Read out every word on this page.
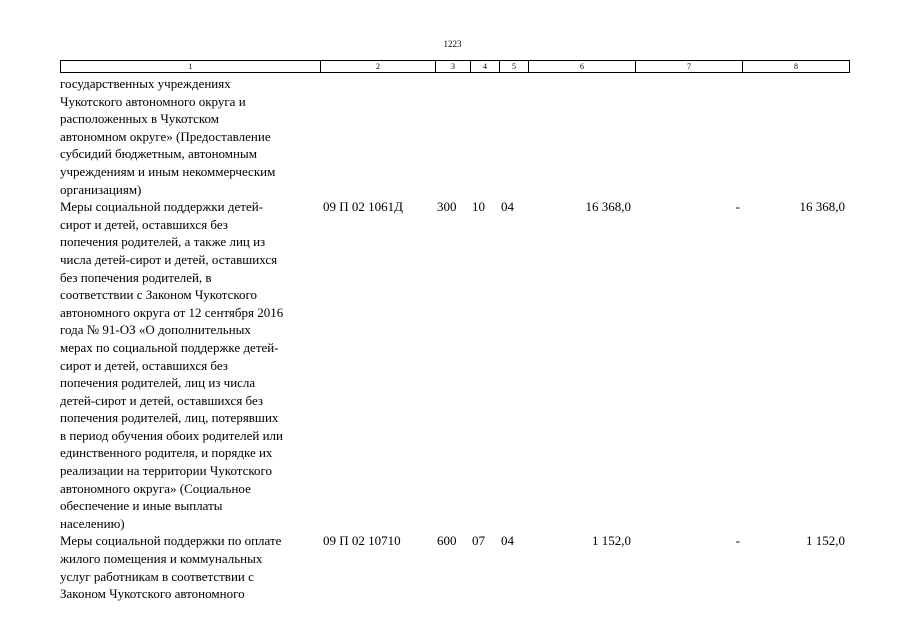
1223
1	2	3	4	5	6	7	8
государственных учреждениях
Чукотского автономного округа и
расположенных в Чукотском
автономном округе» (Предоставление
субсидий бюджетным, автономным
учреждениям и иным некоммерческим
организациям)
Меры социальной поддержки детей-
сирот и детей, оставшихся без
попечения родителей, а также лиц из
числа детей-сирот и детей, оставшихся
без попечения родителей, в
соответствии с Законом Чукотского
автономного округа от 12 сентября 2016
года № 91-ОЗ «О дополнительных
мерах по социальной поддержке детей-
сирот и детей, оставшихся без
попечения родителей, лиц из числа
детей-сирот и детей, оставшихся без
попечения родителей, лиц, потерявших
в период обучения обоих родителей или
единственного родителя, и порядке их
реализации на территории Чукотского
автономного округа» (Социальное
обеспечение и иные выплаты
населению)
09 П 02 1061Д	300 10 04	16 368,0	-	16 368,0
Меры социальной поддержки по оплате
жилого помещения и коммунальных
услуг работникам в соответствии с
Законом Чукотского автономного
09 П 02 10710	600 07 04	1 152,0	-	1 152,0
